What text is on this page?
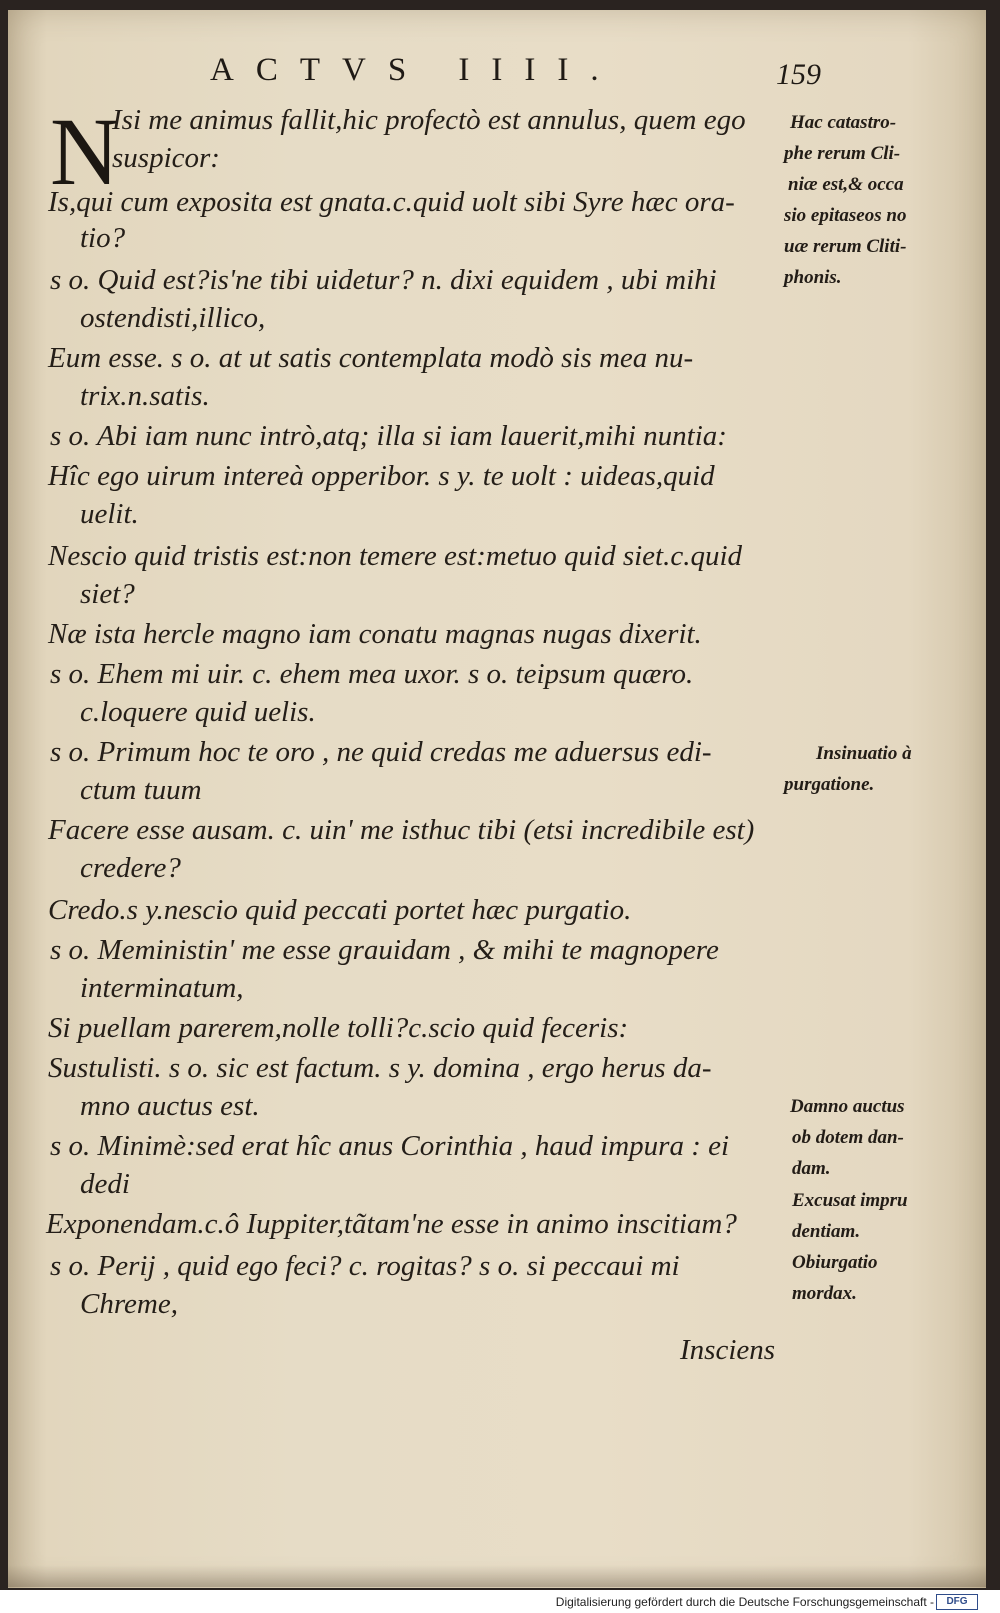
ACTVS IIII.	159
N
Isi me animus fallit,hic profectò est annulus, quem ego
suspicor:
Is,qui cum exposita est gnata.c.quid uolt sibi Syre hæc ora-
tio?
s o. Quid est?is'ne tibi uidetur? n. dixi equidem , ubi mihi
ostendisti,illico,
Eum esse. s o. at ut satis contemplata modò sis mea nu-
trix.n.satis.
s o. Abi iam nunc intrò,atq; illa si iam lauerit,mihi nuntia:
Hîc ego uirum intereà opperibor. s y. te uolt : uideas,quid
uelit.
Nescio quid tristis est:non temere est:metuo quid siet.c.quid
siet?
Næ ista hercle magno iam conatu magnas nugas dixerit.
s o. Ehem mi uir. c. ehem mea uxor. s o. teipsum quæro.
c.loquere quid uelis.
s o. Primum hoc te oro , ne quid credas me aduersus edi-
ctum tuum
Facere esse ausam. c. uin' me isthuc tibi (etsi incredibile est)
credere?
Credo.s y.nescio quid peccati portet hæc purgatio.
s o. Meministin' me esse grauidam , & mihi te magnopere
interminatum,
Si puellam parerem,nolle tolli?c.scio quid feceris:
Sustulisti. s o. sic est factum. s y. domina , ergo herus da-
mno auctus est.
s o. Minimè:sed erat hîc anus Corinthia , haud impura : ei
dedi
Exponendam.c.ô Iuppiter,tãtam'ne esse in animo inscitiam?
s o. Perij , quid ego feci? c. rogitas? s o. si peccaui mi
Chreme,
Insciens
Hac catastro-
phe rerum Cli-
niæ est,& occa
sio epitaseos no
uæ rerum Cliti-
phonis.
Insinuatio à
purgatione.
Damno auctus
ob dotem dan-
dam.
Excusat impru
dentiam.
Obiurgatio
mordax.
Digitalisierung gefördert durch die Deutsche Forschungsgemeinschaft -	DFG
